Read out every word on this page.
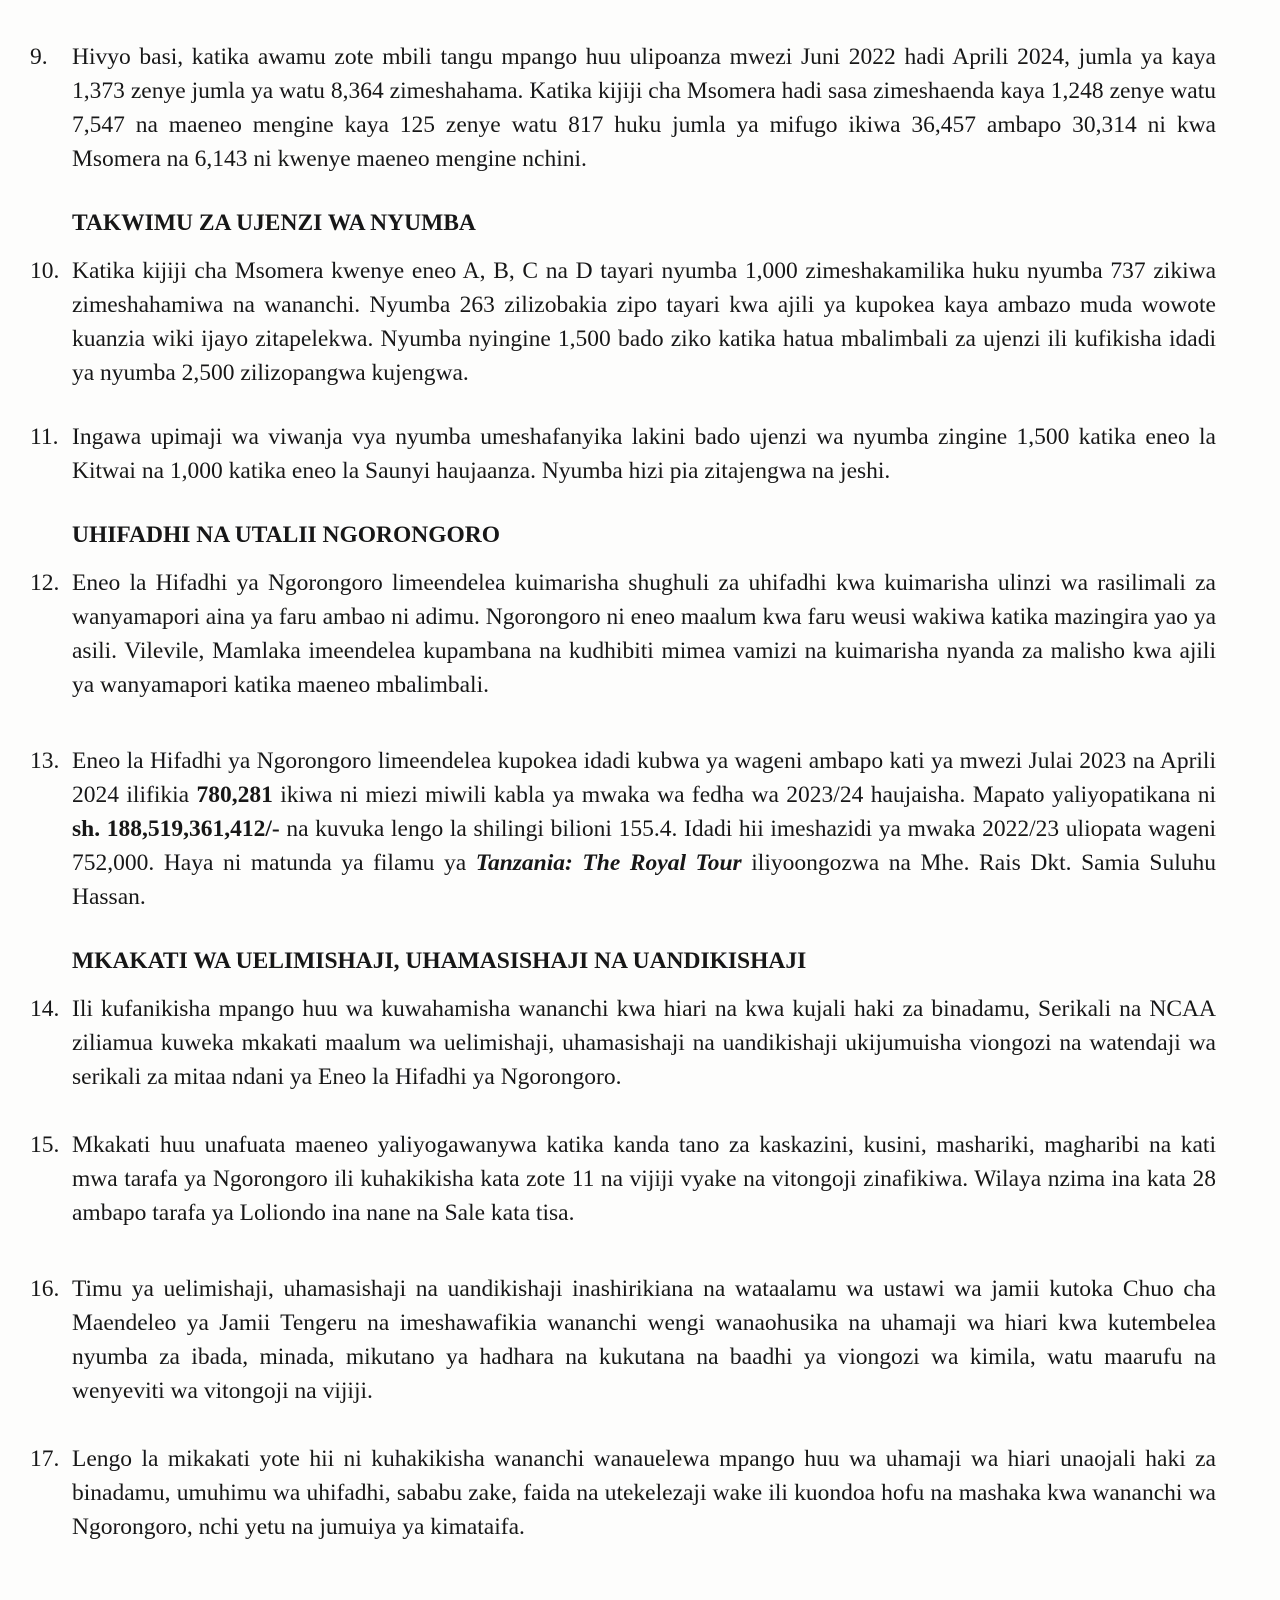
9.	Hivyo basi, katika awamu zote mbili tangu mpango huu ulipoanza mwezi Juni 2022 hadi Aprili 2024, jumla ya kaya 1,373 zenye jumla ya watu 8,364 zimeshahama. Katika kijiji cha Msomera hadi sasa zimeshaenda kaya 1,248 zenye watu 7,547 na maeneo mengine kaya 125 zenye watu 817 huku jumla ya mifugo ikiwa 36,457 ambapo 30,314 ni kwa Msomera na 6,143 ni kwenye maeneo mengine nchini.

TAKWIMU ZA UJENZI WA NYUMBA
10. Katika kijiji cha Msomera kwenye eneo A, B, C na D tayari nyumba 1,000 zimeshakamilika huku nyumba 737 zikiwa zimeshahamiwa na wananchi. Nyumba 263 zilizobakia zipo tayari kwa ajili ya kupokea kaya ambazo muda wowote kuanzia wiki ijayo zitapelekwa. Nyumba nyingine 1,500 bado ziko katika hatua mbalimbali za ujenzi ili kufikisha idadi ya nyumba 2,500 zilizopangwa kujengwa.

11. Ingawa upimaji wa viwanja vya nyumba umeshafanyika lakini bado ujenzi wa nyumba zingine 1,500 katika eneo la Kitwai na 1,000 katika eneo la Saunyi haujaanza. Nyumba hizi pia zitajengwa na jeshi.

UHIFADHI NA UTALII NGORONGORO
12. Eneo la Hifadhi ya Ngorongoro limeendelea kuimarisha shughuli za uhifadhi kwa kuimarisha ulinzi wa rasilimali za wanyamapori aina ya faru ambao ni adimu. Ngorongoro ni eneo maalum kwa faru weusi wakiwa katika mazingira yao ya asili. Vilevile, Mamlaka imeendelea kupambana na kudhibiti mimea vamizi na kuimarisha nyanda za malisho kwa ajili ya wanyamapori katika maeneo mbalimbali.

13. Eneo la Hifadhi ya Ngorongoro limeendelea kupokea idadi kubwa ya wageni ambapo kati ya mwezi Julai 2023 na Aprili 2024 ilifikia 780,281 ikiwa ni miezi miwili kabla ya mwaka wa fedha wa 2023/24 haujaisha. Mapato yaliyopatikana ni sh. 188,519,361,412/- na kuvuka lengo la shilingi bilioni 155.4. Idadi hii imeshazidi ya mwaka 2022/23 uliopata wageni 752,000. Haya ni matunda ya filamu ya Tanzania: The Royal Tour iliyoongozwa na Mhe. Rais Dkt. Samia Suluhu Hassan.

MKAKATI WA UELIMISHAJI, UHAMASISHAJI NA UANDIKISHAJI
14. Ili kufanikisha mpango huu wa kuwahamisha wananchi kwa hiari na kwa kujali haki za binadamu, Serikali na NCAA ziliamua kuweka mkakati maalum wa uelimishaji, uhamasishaji na uandikishaji ukijumuisha viongozi na watendaji wa serikali za mitaa ndani ya Eneo la Hifadhi ya Ngorongoro.

15. Mkakati huu unafuata maeneo yaliyogawanywa katika kanda tano za kaskazini, kusini, mashariki, magharibi na kati mwa tarafa ya Ngorongoro ili kuhakikisha kata zote 11 na vijiji vyake na vitongoji zinafikiwa. Wilaya nzima ina kata 28 ambapo tarafa ya Loliondo ina nane na Sale kata tisa.

16. Timu ya uelimishaji, uhamasishaji na uandikishaji inashirikiana na wataalamu wa ustawi wa jamii kutoka Chuo cha Maendeleo ya Jamii Tengeru na imeshawafikia wananchi wengi wanaohusika na uhamaji wa hiari kwa kutembelea nyumba za ibada, minada, mikutano ya hadhara na kukutana na baadhi ya viongozi wa kimila, watu maarufu na wenyeviti wa vitongoji na vijiji.

17. Lengo la mikakati yote hii ni kuhakikisha wananchi wanauelewa mpango huu wa uhamaji wa hiari unaojali haki za binadamu, umuhimu wa uhifadhi, sababu zake, faida na utekelezaji wake ili kuondoa hofu na mashaka kwa wananchi wa Ngorongoro, nchi yetu na jumuiya ya kimataifa.
